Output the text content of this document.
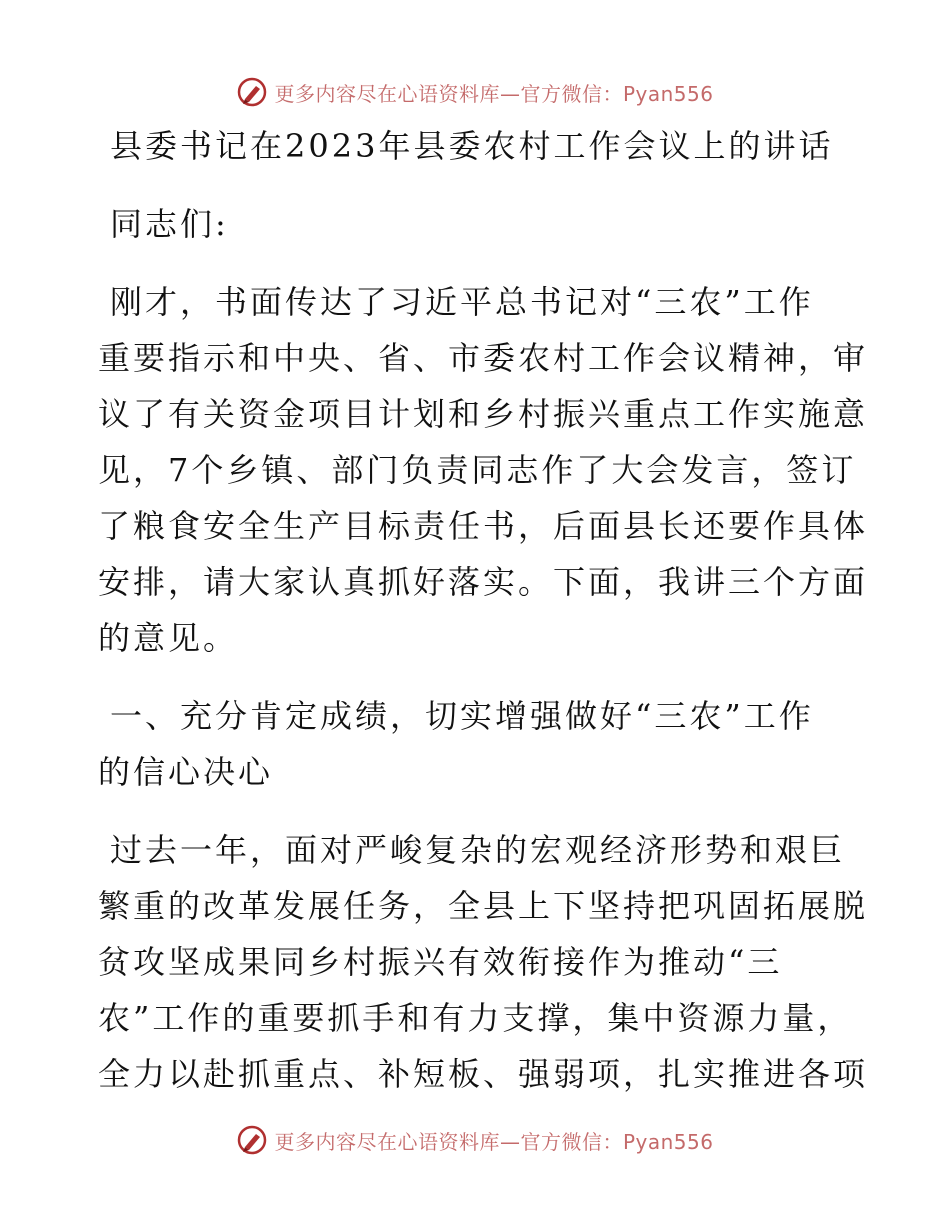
更多内容尽在心语资料库—官方微信：Pyan556
县委书记在2023年县委农村工作会议上的讲话
同志们:
刚才，书面传达了习近平总书记对“三农”工作
重要指示和中央、省、市委农村工作会议精神，审
议了有关资金项目计划和乡村振兴重点工作实施意
见，7个乡镇、部门负责同志作了大会发言，签订
了粮食安全生产目标责任书，后面县长还要作具体
安排，请大家认真抓好落实。下面，我讲三个方面
的意见。
一、充分肯定成绩，切实增强做好“三农”工作
的信心决心
过去一年，面对严峻复杂的宏观经济形势和艰巨
繁重的改革发展任务，全县上下坚持把巩固拓展脱
贫攻坚成果同乡村振兴有效衔接作为推动“三
农”工作的重要抓手和有力支撑，集中资源力量，
全力以赴抓重点、补短板、强弱项，扎实推进各项
更多内容尽在心语资料库—官方微信：Pyan556
